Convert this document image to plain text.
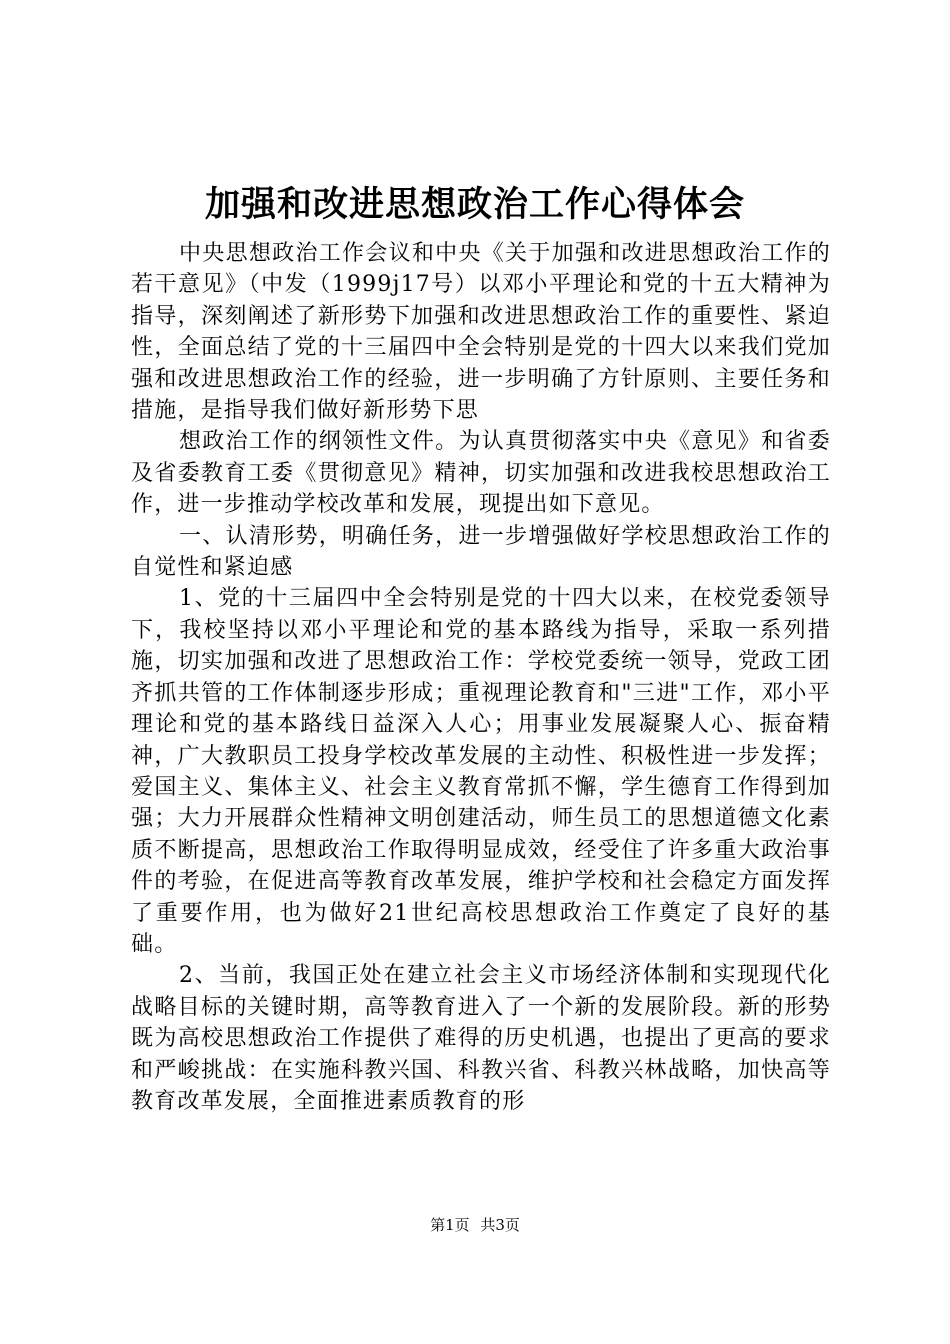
加强和改进思想政治工作心得体会

中央思想政治工作会议和中央《关于加强和改进思想政治工作的若干意见》（中发（1999j17号）以邓小平理论和党的十五大精神为指导，深刻阐述了新形势下加强和改进思想政治工作的重要性、紧迫性，全面总结了党的十三届四中全会特别是党的十四大以来我们党加强和改进思想政治工作的经验，进一步明确了方针原则、主要任务和措施，是指导我们做好新形势下思

想政治工作的纲领性文件。为认真贯彻落实中央《意见》和省委及省委教育工委《贯彻意见》精神，切实加强和改进我校思想政治工作，进一步推动学校改革和发展，现提出如下意见。

一、认清形势，明确任务，进一步增强做好学校思想政治工作的自觉性和紧迫感

1、党的十三届四中全会特别是党的十四大以来，在校党委领导下，我校坚持以邓小平理论和党的基本路线为指导，采取一系列措施，切实加强和改进了思想政治工作：学校党委统一领导，党政工团齐抓共管的工作体制逐步形成；重视理论教育和"三进"工作，邓小平理论和党的基本路线日益深入人心；用事业发展凝聚人心、振奋精神，广大教职员工投身学校改革发展的主动性、积极性进一步发挥；爱国主义、集体主义、社会主义教育常抓不懈，学生德育工作得到加强；大力开展群众性精神文明创建活动，师生员工的思想道德文化素质不断提高，思想政治工作取得明显成效，经受住了许多重大政治事件的考验，在促进高等教育改革发展，维护学校和社会稳定方面发挥了重要作用，也为做好21世纪高校思想政治工作奠定了良好的基础。

2、当前，我国正处在建立社会主义市场经济体制和实现现代化战略目标的关键时期，高等教育进入了一个新的发展阶段。新的形势既为高校思想政治工作提供了难得的历史机遇，也提出了更高的要求和严峻挑战：在实施科教兴国、科教兴省、科教兴林战略，加快高等教育改革发展，全面推进素质教育的形

第1页 共3页
